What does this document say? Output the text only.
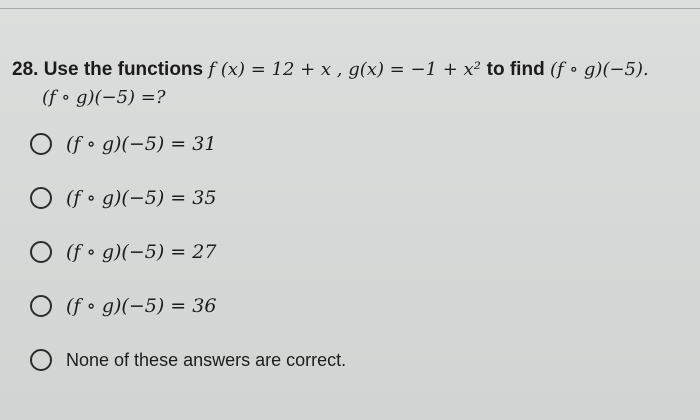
28. Use the functions f (x) = 12 + x , g(x) = −1 + x² to find (f ∘ g)(−5).
(f ∘ g)(−5) =?
(f ∘ g)(−5) = 31
(f ∘ g)(−5) = 35
(f ∘ g)(−5) = 27
(f ∘ g)(−5) = 36
None of these answers are correct.
